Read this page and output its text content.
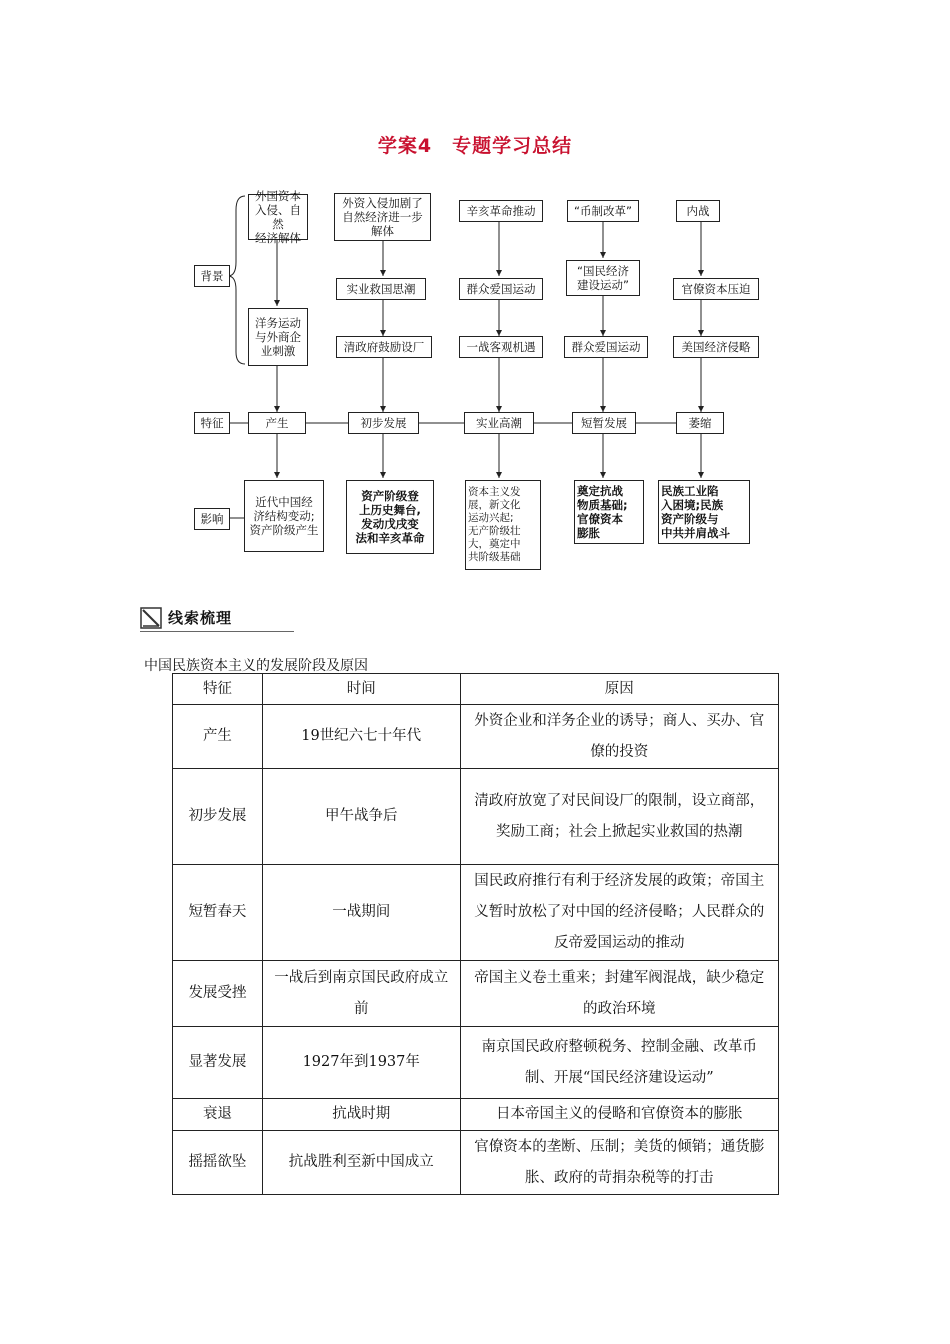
学案4　专题学习总结
背景
特征
影响
外国资本
入侵、自然
经济解体
洋务运动
与外商企
业刺激
产生
近代中国经
济结构变动;
资产阶级产生
外资入侵加剧了
自然经济进一步
解体
实业救国思潮
清政府鼓励设厂
初步发展
资产阶级登
上历史舞台,
发动戊戌变
法和辛亥革命
辛亥革命推动
群众爱国运动
一战客观机遇
实业高潮
资本主义发
展，新文化
运动兴起;
无产阶级壮
大，奠定中
共阶级基础
“币制改革”
“国民经济
建设运动”
群众爱国运动
短暂发展
奠定抗战
物质基础;
官僚资本
膨胀
内战
官僚资本压迫
美国经济侵略
萎缩
民族工业陷
入困境;民族
资产阶级与
中共并肩战斗
线索梳理
中国民族资本主义的发展阶段及原因
特征	时间	原因
产生	19世纪六七十年代	外资企业和洋务企业的诱导；商人、买办、官僚的投资
初步发展	甲午战争后	清政府放宽了对民间设厂的限制，设立商部，奖励工商；社会上掀起实业救国的热潮
短暂春天	一战期间	国民政府推行有利于经济发展的政策；帝国主义暂时放松了对中国的经济侵略；人民群众的反帝爱国运动的推动
发展受挫	一战后到南京国民政府成立前	帝国主义卷土重来；封建军阀混战，缺少稳定的政治环境
显著发展	1927年到1937年	南京国民政府整顿税务、控制金融、改革币制、开展“国民经济建设运动”
衰退	抗战时期	日本帝国主义的侵略和官僚资本的膨胀
摇摇欲坠	抗战胜利至新中国成立	官僚资本的垄断、压制；美货的倾销；通货膨胀、政府的苛捐杂税等的打击
